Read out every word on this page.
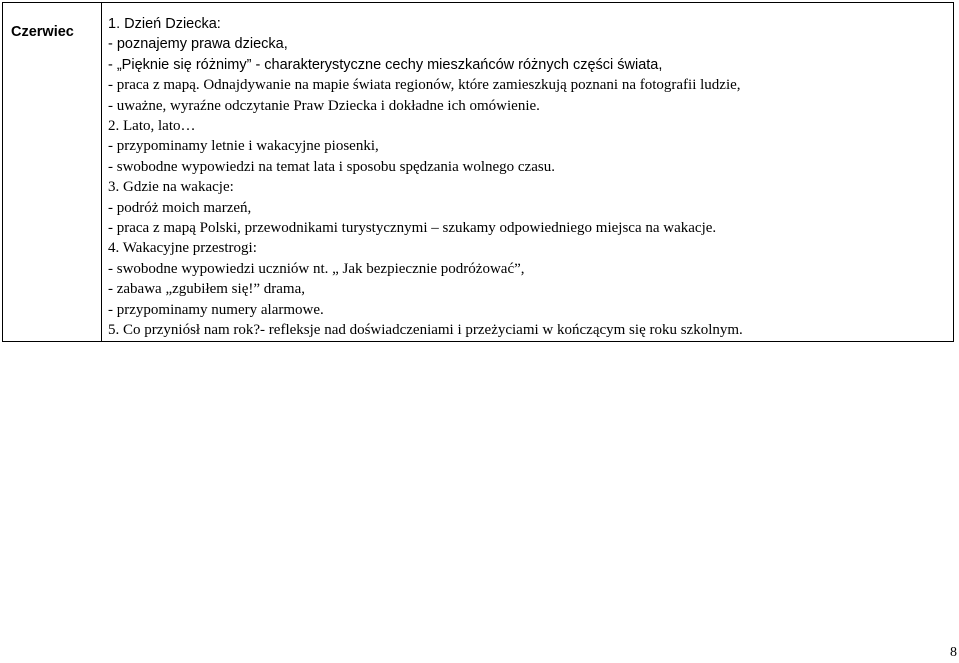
Czerwiec	1. Dzień Dziecka:
- poznajemy prawa dziecka,
- „Pięknie się różnimy” - charakterystyczne cechy mieszkańców różnych części świata,
- praca z mapą. Odnajdywanie na mapie świata regionów, które zamieszkują poznani na fotografii ludzie,
- uważne, wyraźne odczytanie Praw Dziecka i dokładne ich omówienie.
2. Lato, lato…
- przypominamy letnie i wakacyjne piosenki,
- swobodne wypowiedzi na temat lata i sposobu spędzania wolnego czasu.
3. Gdzie na wakacje:
- podróż moich marzeń,
- praca z mapą Polski, przewodnikami turystycznymi – szukamy odpowiedniego miejsca na wakacje.
4. Wakacyjne przestrogi:
- swobodne wypowiedzi uczniów nt. „ Jak bezpiecznie podróżować”,
- zabawa „zgubiłem się!” drama,
- przypominamy numery alarmowe.
5. Co przyniósł nam rok?- refleksje nad doświadczeniami i przeżyciami w kończącym się roku szkolnym.
8
